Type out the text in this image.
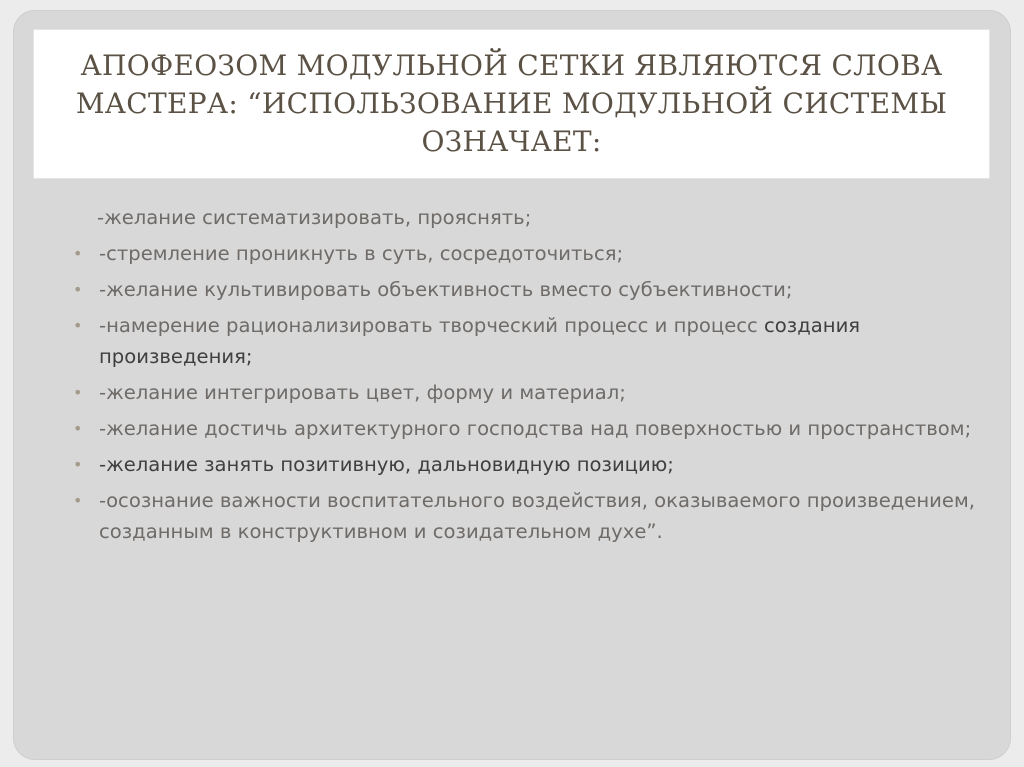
АПОФЕОЗОМ МОДУЛЬНОЙ СЕТКИ ЯВЛЯЮТСЯ СЛОВА МАСТЕРА: “ИСПОЛЬЗОВАНИЕ МОДУЛЬНОЙ СИСТЕМЫ ОЗНАЧАЕТ:
-желание систематизировать, прояснять;
• -стремление проникнуть в суть, сосредоточиться;
• -желание культивировать объективность вместо субъективности;
• -намерение рационализировать творческий процесс и процесс создания произведения;
• -желание интегрировать цвет, форму и материал;
• -желание достичь архитектурного господства над поверхностью и пространством;
• -желание занять позитивную, дальновидную позицию;
• -осознание важности воспитательного воздействия, оказываемого произведением, созданным в конструктивном и созидательном духе”.
